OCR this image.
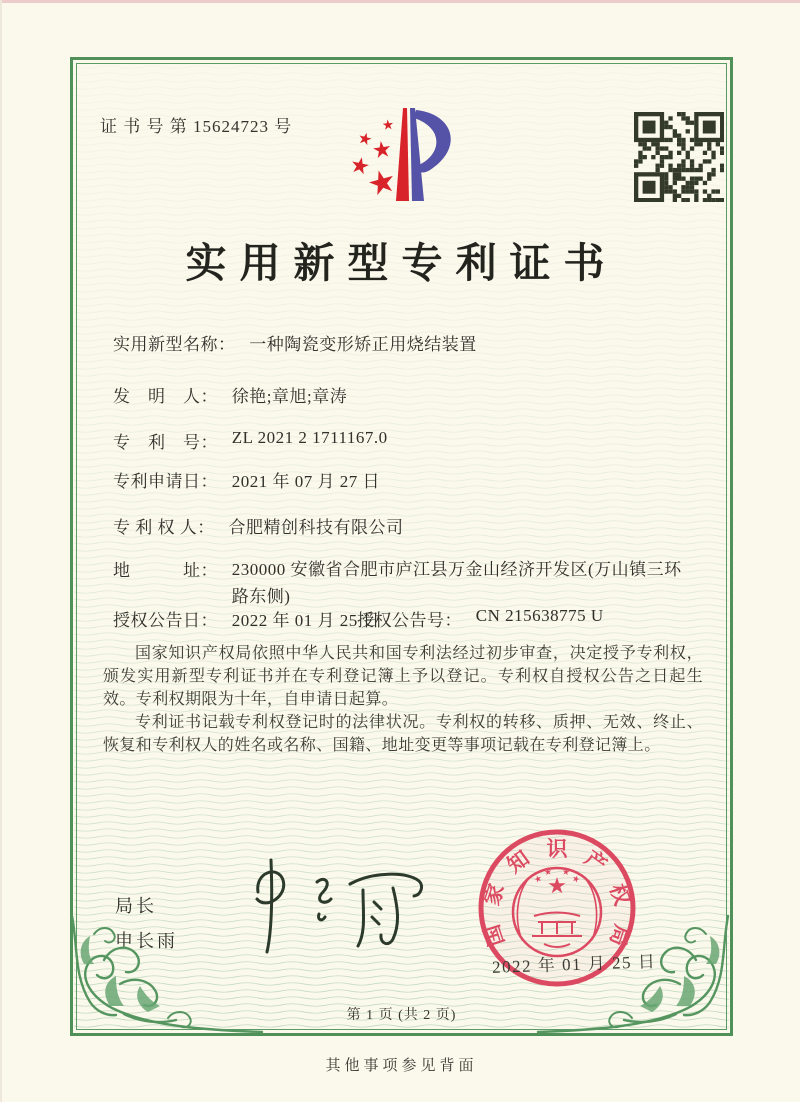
证 书 号 第 15624723 号
实用新型专利证书
实用新型名称： 一种陶瓷变形矫正用烧结装置
发　明　人： 徐艳;章旭;章涛
专　利　号： ZL 2021 2 1711167.0
专利申请日： 2021 年 07 月 27 日
专 利 权 人： 合肥精创科技有限公司
地　　　址： 230000 安徽省合肥市庐江县万金山经济开发区(万山镇三环路东侧)
授权公告日： 2022 年 01 月 25 日
授权公告号： CN 215638775 U

国家知识产权局依照中华人民共和国专利法经过初步审查，决定授予专利权，颁发实用新型专利证书并在专利登记簿上予以登记。专利权自授权公告之日起生效。专利权期限为十年，自申请日起算。

专利证书记载专利权登记时的法律状况。专利权的转移、质押、无效、终止、恢复和专利权人的姓名或名称、国籍、地址变更等事项记载在专利登记簿上。

局长
申长雨	国
家
知 识 产
权
局
2022 年 01 月 25 日
第 1 页 (共 2 页)
其他事项参见背面
